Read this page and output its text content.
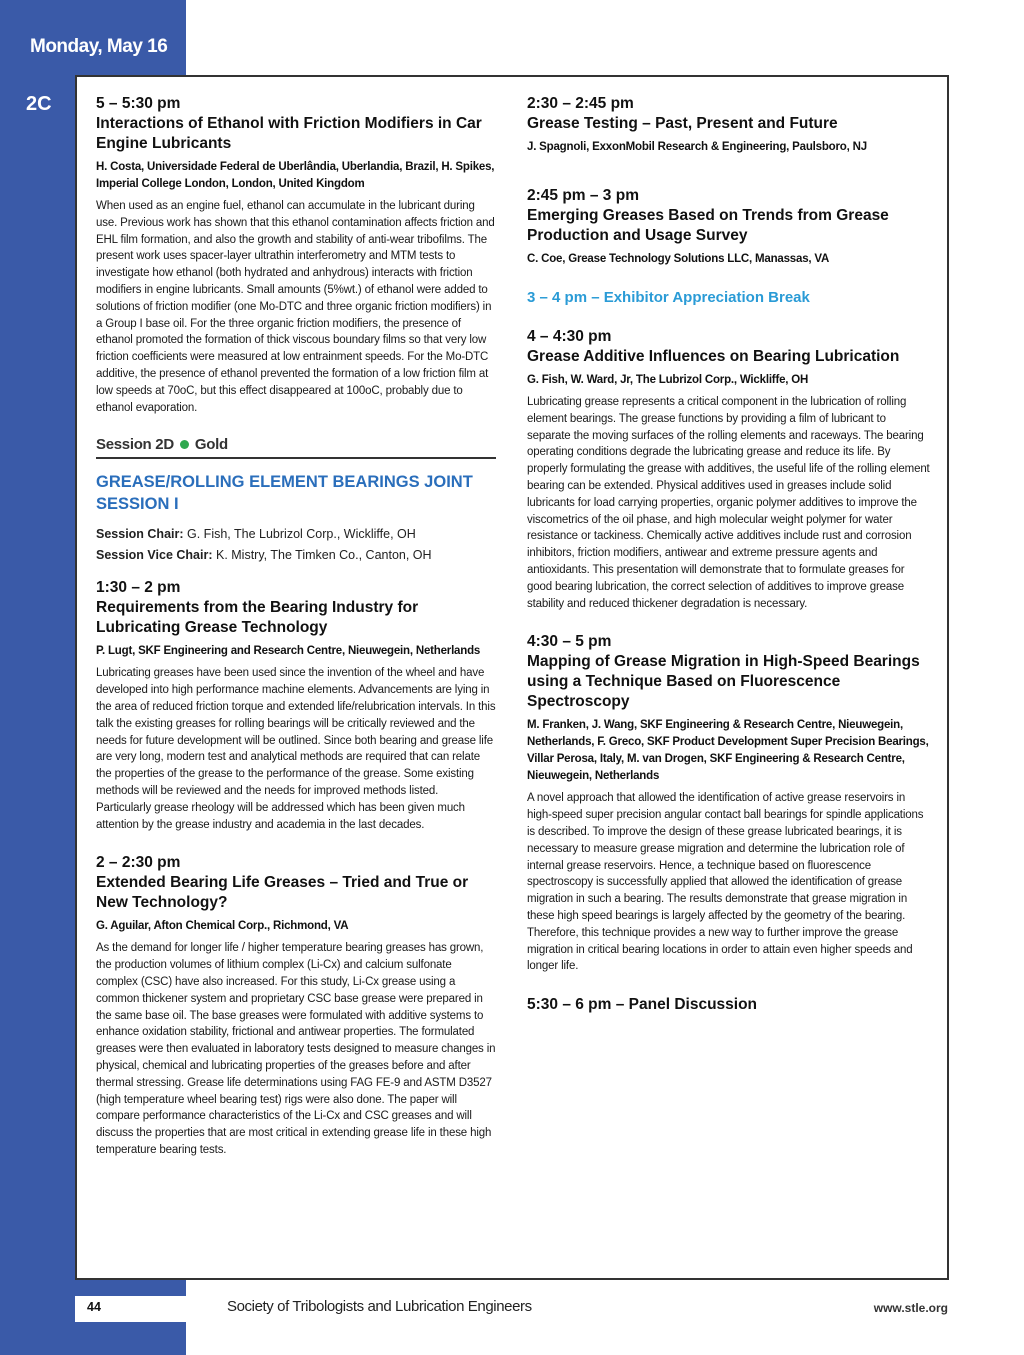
Monday, May 16
2C	5 – 5:30 pm
Interactions of Ethanol with Friction Modifiers in Car Engine Lubricants
H. Costa, Universidade Federal de Uberlândia, Uberlandia, Brazil, H. Spikes, Imperial College London, London, United Kingdom
When used as an engine fuel, ethanol can accumulate in the lubricant during use. Previous work has shown that this ethanol contamination affects friction and EHL film formation, and also the growth and stability of anti-wear tribofilms. The present work uses spacer-layer ultrathin interferometry and MTM tests to investigate how ethanol (both hydrated and anhydrous) interacts with friction modifiers in engine lubricants. Small amounts (5%wt.) of ethanol were added to solutions of friction modifier (one Mo-DTC and three organic friction modifiers) in a Group I base oil. For the three organic friction modifiers, the presence of ethanol promoted the formation of thick viscous boundary films so that very low friction coefficients were measured at low entrainment speeds. For the Mo-DTC additive, the presence of ethanol prevented the formation of a low friction film at low speeds at 70oC, but this effect disappeared at 100oC, probably due to ethanol evaporation.
Session 2D Gold
GREASE/ROLLING ELEMENT BEARINGS JOINT SESSION I
Session Chair: G. Fish, The Lubrizol Corp., Wickliffe, OH
Session Vice Chair: K. Mistry, The Timken Co., Canton, OH
1:30 – 2 pm
Requirements from the Bearing Industry for Lubricating Grease Technology
P. Lugt, SKF Engineering and Research Centre, Nieuwegein, Netherlands
Lubricating greases have been used since the invention of the wheel and have developed into high performance machine elements. Advancements are lying in the area of reduced friction torque and extended life/relubrication intervals. In this talk the existing greases for rolling bearings will be critically reviewed and the needs for future development will be outlined. Since both bearing and grease life are very long, modern test and analytical methods are required that can relate the properties of the grease to the performance of the grease. Some existing methods will be reviewed and the needs for improved methods listed. Particularly grease rheology will be addressed which has been given much attention by the grease industry and academia in the last decades.
2 – 2:30 pm
Extended Bearing Life Greases – Tried and True or New Technology?
G. Aguilar, Afton Chemical Corp., Richmond, VA
As the demand for longer life / higher temperature bearing greases has grown, the production volumes of lithium complex (Li-Cx) and calcium sulfonate complex (CSC) have also increased. For this study, Li-Cx grease using a common thickener system and proprietary CSC base grease were prepared in the same base oil. The base greases were formulated with additive systems to enhance oxidation stability, frictional and antiwear properties. The formulated greases were then evaluated in laboratory tests designed to measure changes in physical, chemical and lubricating properties of the greases before and after thermal stressing. Grease life determinations using FAG FE-9 and ASTM D3527 (high temperature wheel bearing test) rigs were also done. The paper will compare performance characteristics of the Li-Cx and CSC greases and will discuss the properties that are most critical in extending grease life in these high temperature bearing tests.
2:30 – 2:45 pm
Grease Testing – Past, Present and Future
J. Spagnoli, ExxonMobil Research & Engineering, Paulsboro, NJ
2:45 pm – 3 pm
Emerging Greases Based on Trends from Grease Production and Usage Survey
C. Coe, Grease Technology Solutions LLC, Manassas, VA
3 – 4 pm – Exhibitor Appreciation Break
4 – 4:30 pm
Grease Additive Influences on Bearing Lubrication
G. Fish, W. Ward, Jr, The Lubrizol Corp., Wickliffe, OH
Lubricating grease represents a critical component in the lubrication of rolling element bearings. The grease functions by providing a film of lubricant to separate the moving surfaces of the rolling elements and raceways. The bearing operating conditions degrade the lubricating grease and reduce its life. By properly formulating the grease with additives, the useful life of the rolling element bearing can be extended. Physical additives used in greases include solid lubricants for load carrying properties, organic polymer additives to improve the viscometrics of the oil phase, and high molecular weight polymer for water resistance or tackiness. Chemically active additives include rust and corrosion inhibitors, friction modifiers, antiwear and extreme pressure agents and antioxidants. This presentation will demonstrate that to formulate greases for good bearing lubrication, the correct selection of additives to improve grease stability and reduced thickener degradation is necessary.
4:30 – 5 pm
Mapping of Grease Migration in High-Speed Bearings using a Technique Based on Fluorescence Spectroscopy
M. Franken, J. Wang, SKF Engineering & Research Centre, Nieuwegein, Netherlands, F. Greco, SKF Product Development Super Precision Bearings, Villar Perosa, Italy, M. van Drogen, SKF Engineering & Research Centre, Nieuwegein, Netherlands
A novel approach that allowed the identification of active grease reservoirs in high-speed super precision angular contact ball bearings for spindle applications is described. To improve the design of these grease lubricated bearings, it is necessary to measure grease migration and determine the lubrication role of internal grease reservoirs. Hence, a technique based on fluorescence spectroscopy is successfully applied that allowed the identification of grease migration in such a bearing. The results demonstrate that grease migration in these high speed bearings is largely affected by the geometry of the bearing. Therefore, this technique provides a new way to further improve the grease migration in critical bearing locations in order to attain even higher speeds and longer life.
5:30 – 6 pm – Panel Discussion
44	Society of Tribologists and Lubrication Engineers	www.stle.org
